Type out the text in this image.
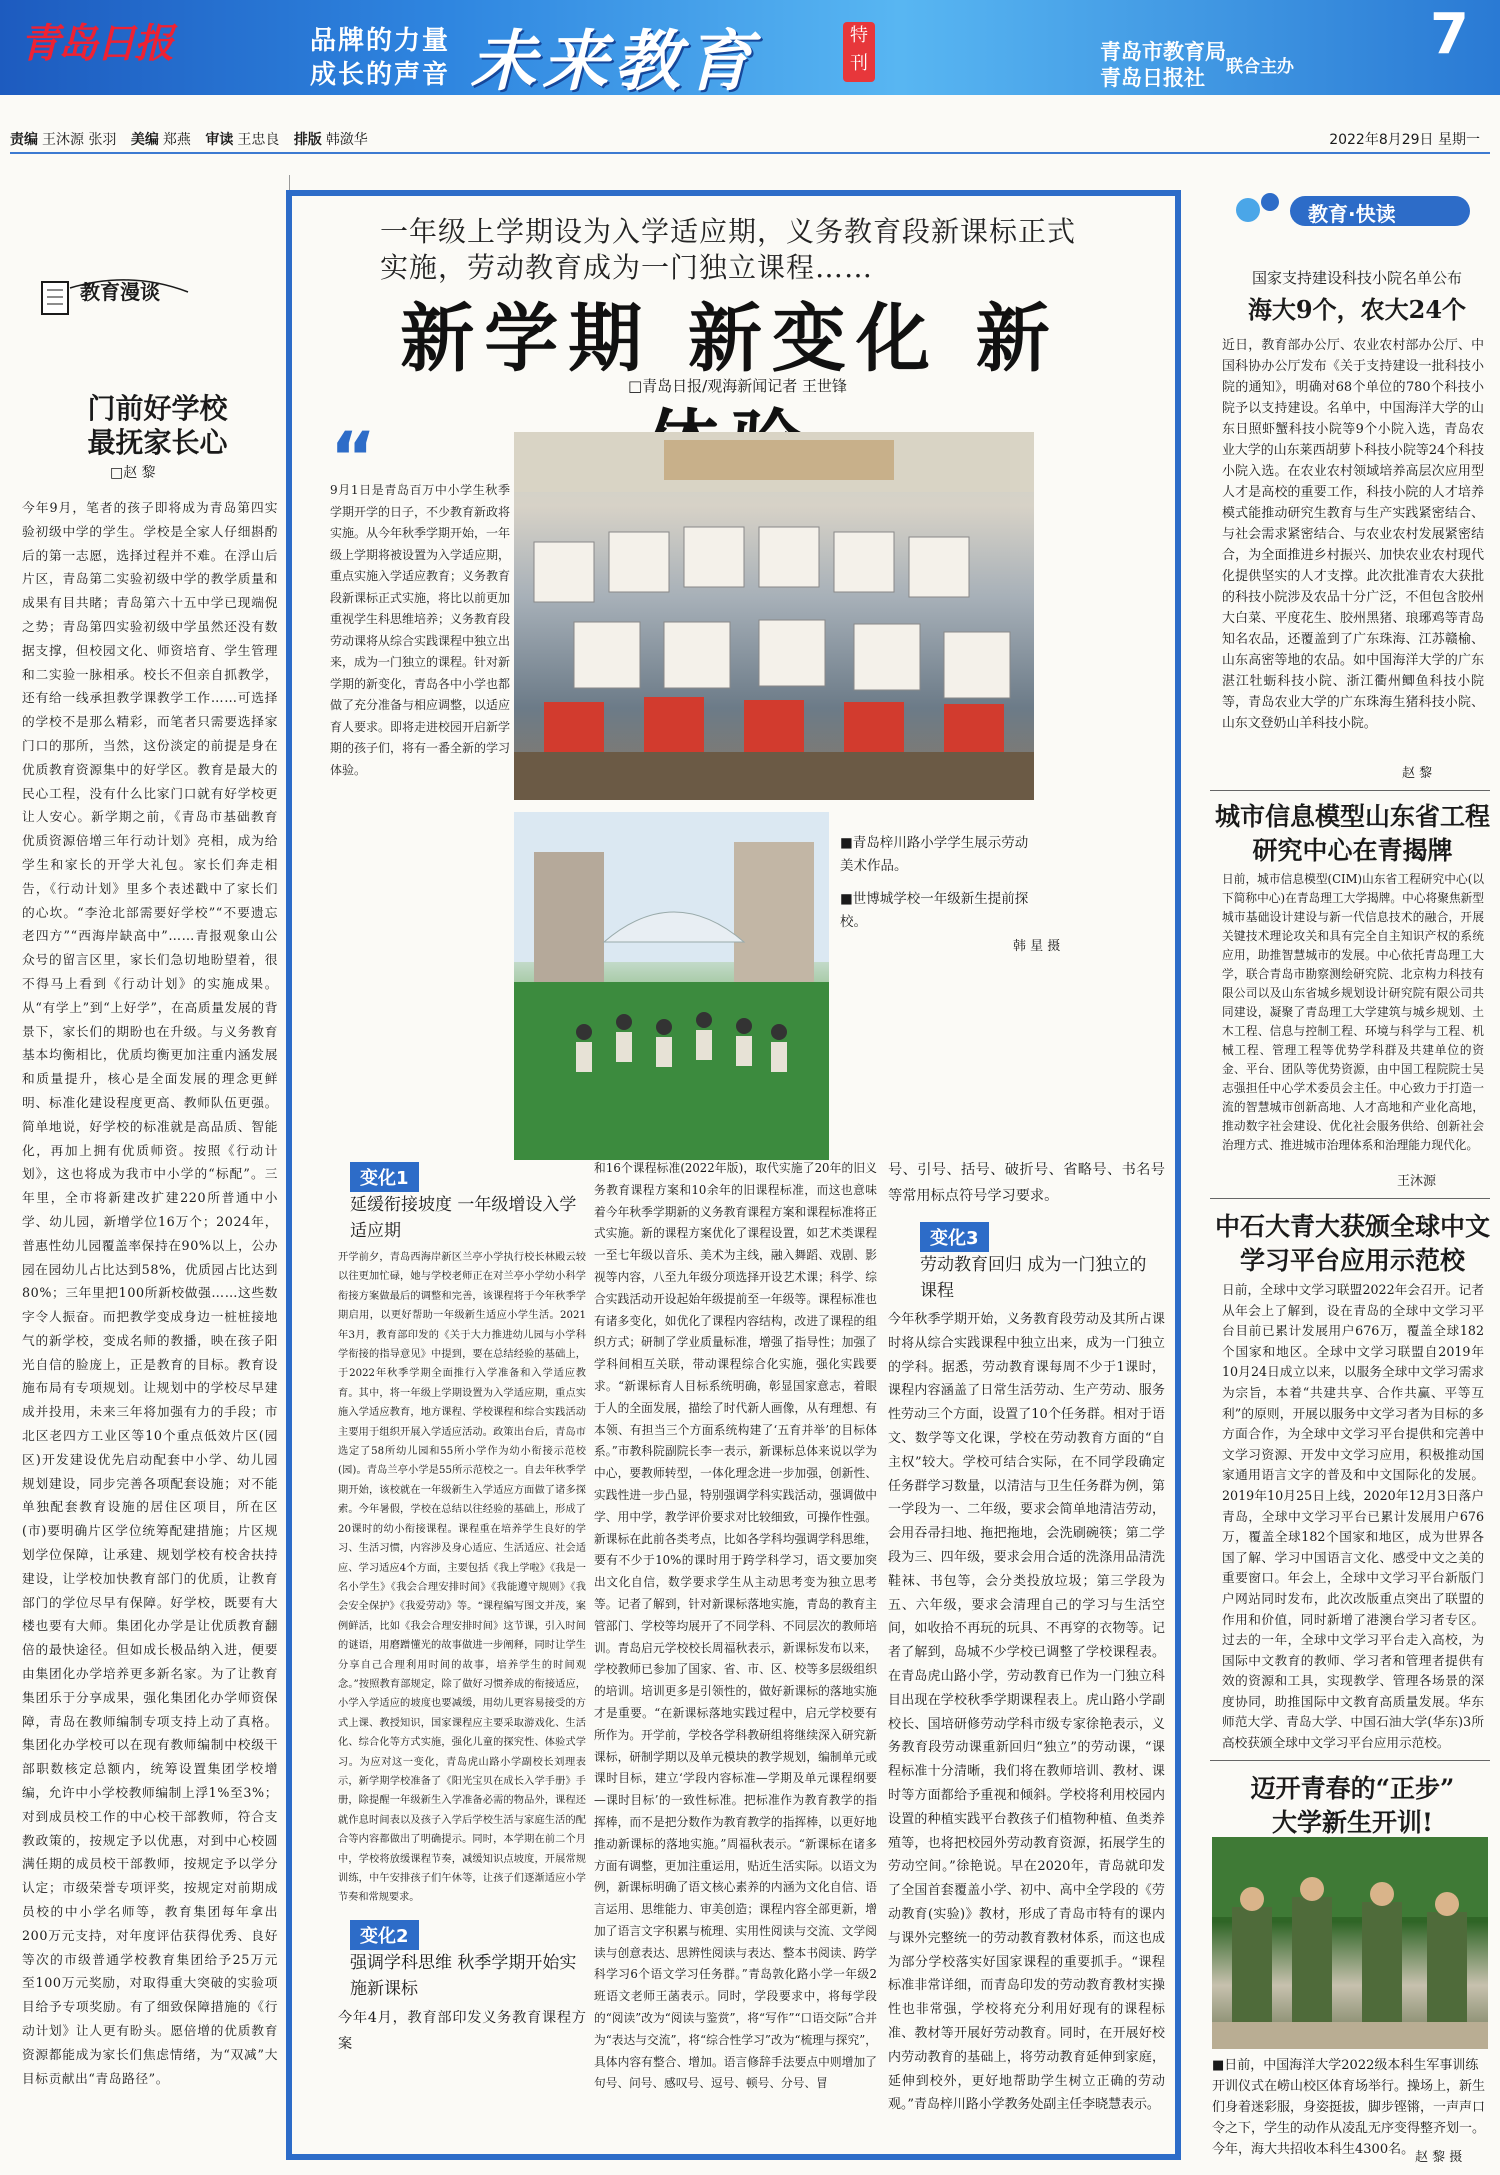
青岛日报	品牌的力量
成长的声音 未来教育	特刊	青岛市教育局
青岛日报社 联合主办 7
责编 王沐源 张羽 美编 郑燕 审读 王忠良 排版 韩潋华	2022年8月29日 星期一
教育漫谈
门前好学校
最抚家长心
□赵 黎

今年9月，笔者的孩子即将成为青岛第四实验初级中学的学生。学校是全家人仔细斟酌后的第一志愿，选择过程并不难。在浮山后片区，青岛第二实验初级中学的教学质量和成果有目共睹；青岛第六十五中学已现端倪之势；青岛第四实验初级中学虽然还没有数据支撑，但校园文化、师资培育、学生管理和二实验一脉相承。校长不但亲自抓教学，还有给一线承担教学课教学工作……可选择的学校不是那么精彩，而笔者只需要选择家门口的那所，当然，这份淡定的前提是身在优质教育资源集中的好学区。教育是最大的民心工程，没有什么比家门口就有好学校更让人安心。新学期之前，《青岛市基础教育优质资源倍增三年行动计划》亮相，成为给学生和家长的开学大礼包。家长们奔走相告，《行动计划》里多个表述戳中了家长们的心坎。“李沧北部需要好学校”“不要遗忘老四方”“西海岸缺高中”……青报观象山公众号的留言区里，家长们急切地盼望着，很不得马上看到《行动计划》的实施成果。从“有学上”到“上好学”，在高质量发展的背景下，家长们的期盼也在升级。与义务教育基本均衡相比，优质均衡更加注重内涵发展和质量提升，核心是全面发展的理念更鲜明、标准化建设程度更高、教师队伍更强。简单地说，好学校的标准就是高品质、智能化，再加上拥有优质师资。按照《行动计划》，这也将成为我市中小学的“标配”。三年里，全市将新建改扩建220所普通中小学、幼儿园，新增学位16万个；2024年，普惠性幼儿园覆盖率保持在90%以上，公办园在园幼儿占比达到58%，优质园占比达到80%；三年里把100所新校做强……这些数字令人振奋。而把教学变成身边一桩桩接地气的新学校，变成名师的教播，映在孩子阳光自信的脸庞上，正是教育的目标。教育设施布局有专项规划。让规划中的学校尽早建成并投用，未来三年将加强有力的手段；市北区老四方工业区等10个重点低效片区(园区)开发建设优先启动配套中小学、幼儿园规划建设，同步完善各项配套设施；对不能单独配套教育设施的居住区项目，所在区(市)要明确片区学位统筹配建措施；片区规划学位保障，让承建、规划学校有校舍扶持建设，让学校加快教育部门的优质，让教育部门的学位尽早有保障。好学校，既要有大楼也要有大师。集团化办学是让优质教育翻倍的最快途径。但如成长极品纳入进，便要由集团化办学培养更多新名家。为了让教育集团乐于分享成果，强化集团化办学师资保障，青岛在教师编制专项支持上动了真格。集团化办学校可以在现有教师编制中校级干部职数核定总额内，统筹设置集团学校增编，允许中小学校教师编制上浮1%至3%；对到成员校工作的中心校干部教师，符合支教政策的，按规定予以优惠，对到中心校圆满任期的成员校干部教师，按规定予以学分认定；市级荣誉专项评奖，按规定对前期成员校的中小学名师等，教育集团每年拿出200万元支持，对年度评估获得优秀、良好等次的市级普通学校教育集团给予25万元至100万元奖励，对取得重大突破的实验项目给予专项奖励。有了细致保障措施的《行动计划》让人更有盼头。愿倍增的优质教育资源都能成为家长们焦虑情绪，为“双减”大目标贡献出“青岛路径”。

一年级上学期设为入学适应期，义务教育段新课标正式实施，劳动教育成为一门独立课程……
新学期 新变化 新
□青岛日报/观海新闻记者 王世锋
“

9月1日是青岛百万中小学生秋季学期开学的日子，不少教育新政将实施。从今年秋季学期开始，一年级上学期将被设置为入学适应期，重点实施入学适应教育；义务教育段新课标正式实施，将比以前更加重视学生科思维培养；义务教育段劳动课将从综合实践课程中独立出来，成为一门独立的课程。针对新学期的新变化，青岛各中小学也都做了充分准备与相应调整，以适应育人要求。即将走进校园开启新学期的孩子们，将有一番全新的学习体验。

■青岛梓川路小学学生展示劳动美术作品。
■世博城学校一年级新生提前探校。
韩 星 摄
变化1
延缓衔接坡度 一年级增设入学适应期

开学前夕，青岛西海岸新区兰亭小学执行校长林殿云较以往更加忙碌，她与学校老师正在对兰亭小学幼小科学衔接方案做最后的调整和完善，该课程将于今年秋季学期启用，以更好帮助一年级新生适应小学生活。2021年3月，教育部印发的《关于大力推进幼儿园与小学科学衔接的指导意见》中提到，要在总结经验的基础上，于2022年秋季学期全面推行入学准备和入学适应教育。其中，将一年级上学期设置为入学适应期，重点实施入学适应教育，地方课程、学校课程和综合实践活动主要用于组织开展入学适应活动。政策出台后，青岛市选定了58所幼儿园和55所小学作为幼小衔接示范校(园)。青岛兰亭小学是55所示范校之一。自去年秋季学期开始，该校就在一年级新生入学适应方面做了诸多探索。今年暑假，学校在总结以往经验的基础上，形成了20课时的幼小衔接课程。课程重在培养学生良好的学习、生活习惯，内容涉及身心适应、生活适应、社会适应、学习适应4个方面，主要包括《我上学啦》《我是一名小学生》《我会合理安排时间》《我能遵守规则》《我会安全保护》《我爱劳动》等。“课程编写图文并茂，案例鲜活，比如《我会合理安排时间》这节课，引入时间的谜语，用磨蹭懂光的故事做进一步阐释，同时让学生分享自己合理利用时间的故事，培养学生的时间观念。”按照教育部规定，除了做好习惯养成的衔接适应，小学入学适应的坡度也要减缓，用幼儿更容易接受的方式上课、教授知识，国家课程应主要采取游戏化、生活化、综合化等方式实施，强化儿童的探究性、体验式学习。为应对这一变化，青岛虎山路小学副校长刘理表示，新学期学校准备了《阳光宝贝在成长入学手册》手册，除提醒一年级新生入学准备必需的物品外，课程还就作息时间表以及孩子入学后学校生活与家庭生活的配合等内容都做出了明确提示。同时，本学期在前二个月中，学校将放缓课程节奏，减缓知识点坡度，开展常规训练，中午安排孩子们午休等，让孩子们逐渐适应小学节奏和常规要求。

变化2
强调学科思维 秋季学期开始实施新课标

今年4月，教育部印发义务教育课程方案

和16个课程标准(2022年版)，取代实施了20年的旧义务教育课程方案和10余年的旧课程标准，而这也意味着今年秋季学期新的义务教育课程方案和课程标准将正式实施。新的课程方案优化了课程设置，如艺术类课程一至七年级以音乐、美术为主线，融入舞蹈、戏剧、影视等内容，八至九年级分项选择开设艺术课；科学、综合实践活动开设起始年级提前至一年级等。课程标准也有诸多变化，如优化了课程内容结构，改进了课程的组织方式；研制了学业质量标准，增强了指导性；加强了学科间相互关联，带动课程综合化实施，强化实践要求。“新课标育人目标系统明确，彰显国家意志，着眼于人的全面发展，描绘了时代新人画像，从有理想、有本领、有担当三个方面系统构建了‘五育并举’的目标体系。”市教科院副院长李一表示，新课标总体来说以学为中心，要教师转型，一体化理念进一步加强，创新性、实践性进一步凸显，特别强调学科实践活动，强调做中学、用中学，教学评价要求对比较细致，可操作性强。新课标在此前各类考点，比如各学科均强调学科思维，要有不少于10%的课时用于跨学科学习，语文要加突出文化自信，数学要求学生从主动思考变为独立思考等。记者了解到，针对新课标落地实施，青岛的教育主管部门、学校等均展开了不同学科、不同层次的教师培训。青岛启元学校校长周福秋表示，新课标发布以来，学校教师已参加了国家、省、市、区、校等多层级组织的培训。培训更多是引领性的，做好新课标的落地实施才是重要。“在新课标落地实践过程中，启元学校要有所作为。开学前，学校各学科教研组将继续深入研究新课标，研制学期以及单元模块的教学规划，编制单元或课时目标，建立‘学段内容标准—学期及单元课程纲要—课时目标’的一致性标准。把标准作为教育教学的指挥棒，而不是把分数作为教育教学的指挥棒，以更好地推动新课标的落地实施。”周福秋表示。“新课标在诸多方面有调整，更加注重运用，贴近生活实际。以语文为例，新课标明确了语文核心素养的内涵为文化自信、语言运用、思维能力、审美创造；课程内容全部更新，增加了语言文字积累与梳理、实用性阅读与交流、文学阅读与创意表达、思辨性阅读与表达、整本书阅读、跨学科学习6个语文学习任务群。”青岛敦化路小学一年级2班语文老师王菡表示。同时，学段要求中，将每学段的“阅读”改为“阅读与鉴赏”，将“写作”“口语交际”合并为“表达与交流”，将“综合性学习”改为“梳理与探究”，具体内容有整合、增加。语言修辞手法要点中则增加了句号、问号、感叹号、逗号、顿号、分号、冒

号、引号、括号、破折号、省略号、书名号等常用标点符号学习要求。

变化3
劳动教育回归 成为一门独立的课程

今年秋季学期开始，义务教育段劳动及其所占课时将从综合实践课程中独立出来，成为一门独立的学科。据悉，劳动教育课每周不少于1课时，课程内容涵盖了日常生活劳动、生产劳动、服务性劳动三个方面，设置了10个任务群。相对于语文、数学等文化课，学校在劳动教育方面的“自主权”较大。学校可结合实际，在不同学段确定任务群学习数量，以清洁与卫生任务群为例，第一学段为一、二年级，要求会简单地清洁劳动，会用吞帚扫地、拖把拖地，会洗刷碗筷；第二学段为三、四年级，要求会用合适的洗涤用品清洗鞋袜、书包等，会分类投放垃圾；第三学段为五、六年级，要求会清理自己的学习与生活空间，如收拾不再玩的玩具、不再穿的衣物等。记者了解到，岛城不少学校已调整了学校课程表。在青岛虎山路小学，劳动教育已作为一门独立科目出现在学校秋季学期课程表上。虎山路小学副校长、国培研修劳动学科市级专家徐艳表示，义务教育段劳动课重新回归“独立”的劳动课，“课程标准十分清晰，我们将在教师培训、教材、课时等方面都给予重视和倾斜。学校将利用校园内设置的种植实践平台教孩子们植物种植、鱼类养殖等，也将把校园外劳动教育资源，拓展学生的劳动空间。”徐艳说。早在2020年，青岛就印发了全国首套覆盖小学、初中、高中全学段的《劳动教育(实验)》教材，形成了青岛市特有的课内与课外完整统一的劳动教育教材体系，而这也成为部分学校落实好国家课程的重要抓手。“课程标准非常详细，而青岛印发的劳动教育教材实操性也非常强，学校将充分利用好现有的课程标准、教材等开展好劳动教育。同时，在开展好校内劳动教育的基础上，将劳动教育延伸到家庭，延伸到校外，更好地帮助学生树立正确的劳动观。”青岛梓川路小学教务处副主任李晓慧表示。

教育·快读
国家支持建设科技小院名单公布
海大9个，农大24个

近日，教育部办公厅、农业农村部办公厅、中国科协办公厅发布《关于支持建设一批科技小院的通知》，明确对68个单位的780个科技小院予以支持建设。名单中，中国海洋大学的山东日照虾蟹科技小院等9个小院入选，青岛农业大学的山东莱西胡萝卜科技小院等24个科技小院入选。在农业农村领域培养高层次应用型人才是高校的重要工作，科技小院的人才培养模式能推动研究生教育与生产实践紧密结合、与社会需求紧密结合、与农业农村发展紧密结合，为全面推进乡村振兴、加快农业农村现代化提供坚实的人才支撑。此次批准青农大获批的科技小院涉及农品十分广泛，不但包含胶州大白菜、平度花生、胶州黑猪、琅琊鸡等青岛知名农品，还覆盖到了广东珠海、江苏赣榆、山东高密等地的农品。如中国海洋大学的广东湛江牡蛎科技小院、浙江衢州鲫鱼科技小院等，青岛农业大学的广东珠海生猪科技小院、山东文登奶山羊科技小院。

赵 黎
城市信息模型山东省工程研究中心在青揭牌

日前，城市信息模型(CIM)山东省工程研究中心(以下简称中心)在青岛理工大学揭牌。中心将聚焦新型城市基础设计建设与新一代信息技术的融合，开展关键技术理论攻关和具有完全自主知识产权的系统应用，助推智慧城市的发展。中心依托青岛理工大学，联合青岛市勘察测绘研究院、北京构力科技有限公司以及山东省城乡规划设计研究院有限公司共同建设，凝聚了青岛理工大学建筑与城乡规划、土木工程、信息与控制工程、环境与科学与工程、机械工程、管理工程等优势学科群及共建单位的资金、平台、团队等优势资源，由中国工程院院士吴志强担任中心学术委员会主任。中心致力于打造一流的智慧城市创新高地、人才高地和产业化高地，推动数字社会建设、优化社会服务供给、创新社会治理方式、推进城市治理体系和治理能力现代化。

王沐源
中石大青大获颁全球中文学习平台应用示范校

日前，全球中文学习联盟2022年会召开。记者从年会上了解到，设在青岛的全球中文学习平台目前已累计发展用户676万，覆盖全球182个国家和地区。全球中文学习联盟自2019年10月24日成立以来，以服务全球中文学习需求为宗旨，本着“共建共享、合作共赢、平等互利”的原则，开展以服务中文学习者为目标的多方面合作，为全球中文学习平台提供和完善中文学习资源、开发中文学习应用，积极推动国家通用语言文字的普及和中文国际化的发展。2019年10月25日上线，2020年12月3日落户青岛，全球中文学习平台已累计发展用户676万，覆盖全球182个国家和地区，成为世界各国了解、学习中国语言文化、感受中文之美的重要窗口。年会上，全球中文学习平台新版门户网站同时发布，此次改版重点突出了联盟的作用和价值，同时新增了港澳台学习者专区。过去的一年，全球中文学习平台走入高校，为国际中文教育的教师、学习者和管理者提供有效的资源和工具，实现教学、管理各场景的深度协同，助推国际中文教育高质量发展。华东师范大学、青岛大学、中国石油大学(华东)3所高校获颁全球中文学习平台应用示范校。

迈开青春的“正步”
大学新生开训!
■日前，中国海洋大学2022级本科生军事训练开训仪式在崂山校区体育场举行。操场上，新生们身着迷彩服，身姿挺拔，脚步铿锵，一声声口令之下，学生的动作从凌乱无序变得整齐划一。今年，海大共招收本科生4300名。
赵 黎 摄
